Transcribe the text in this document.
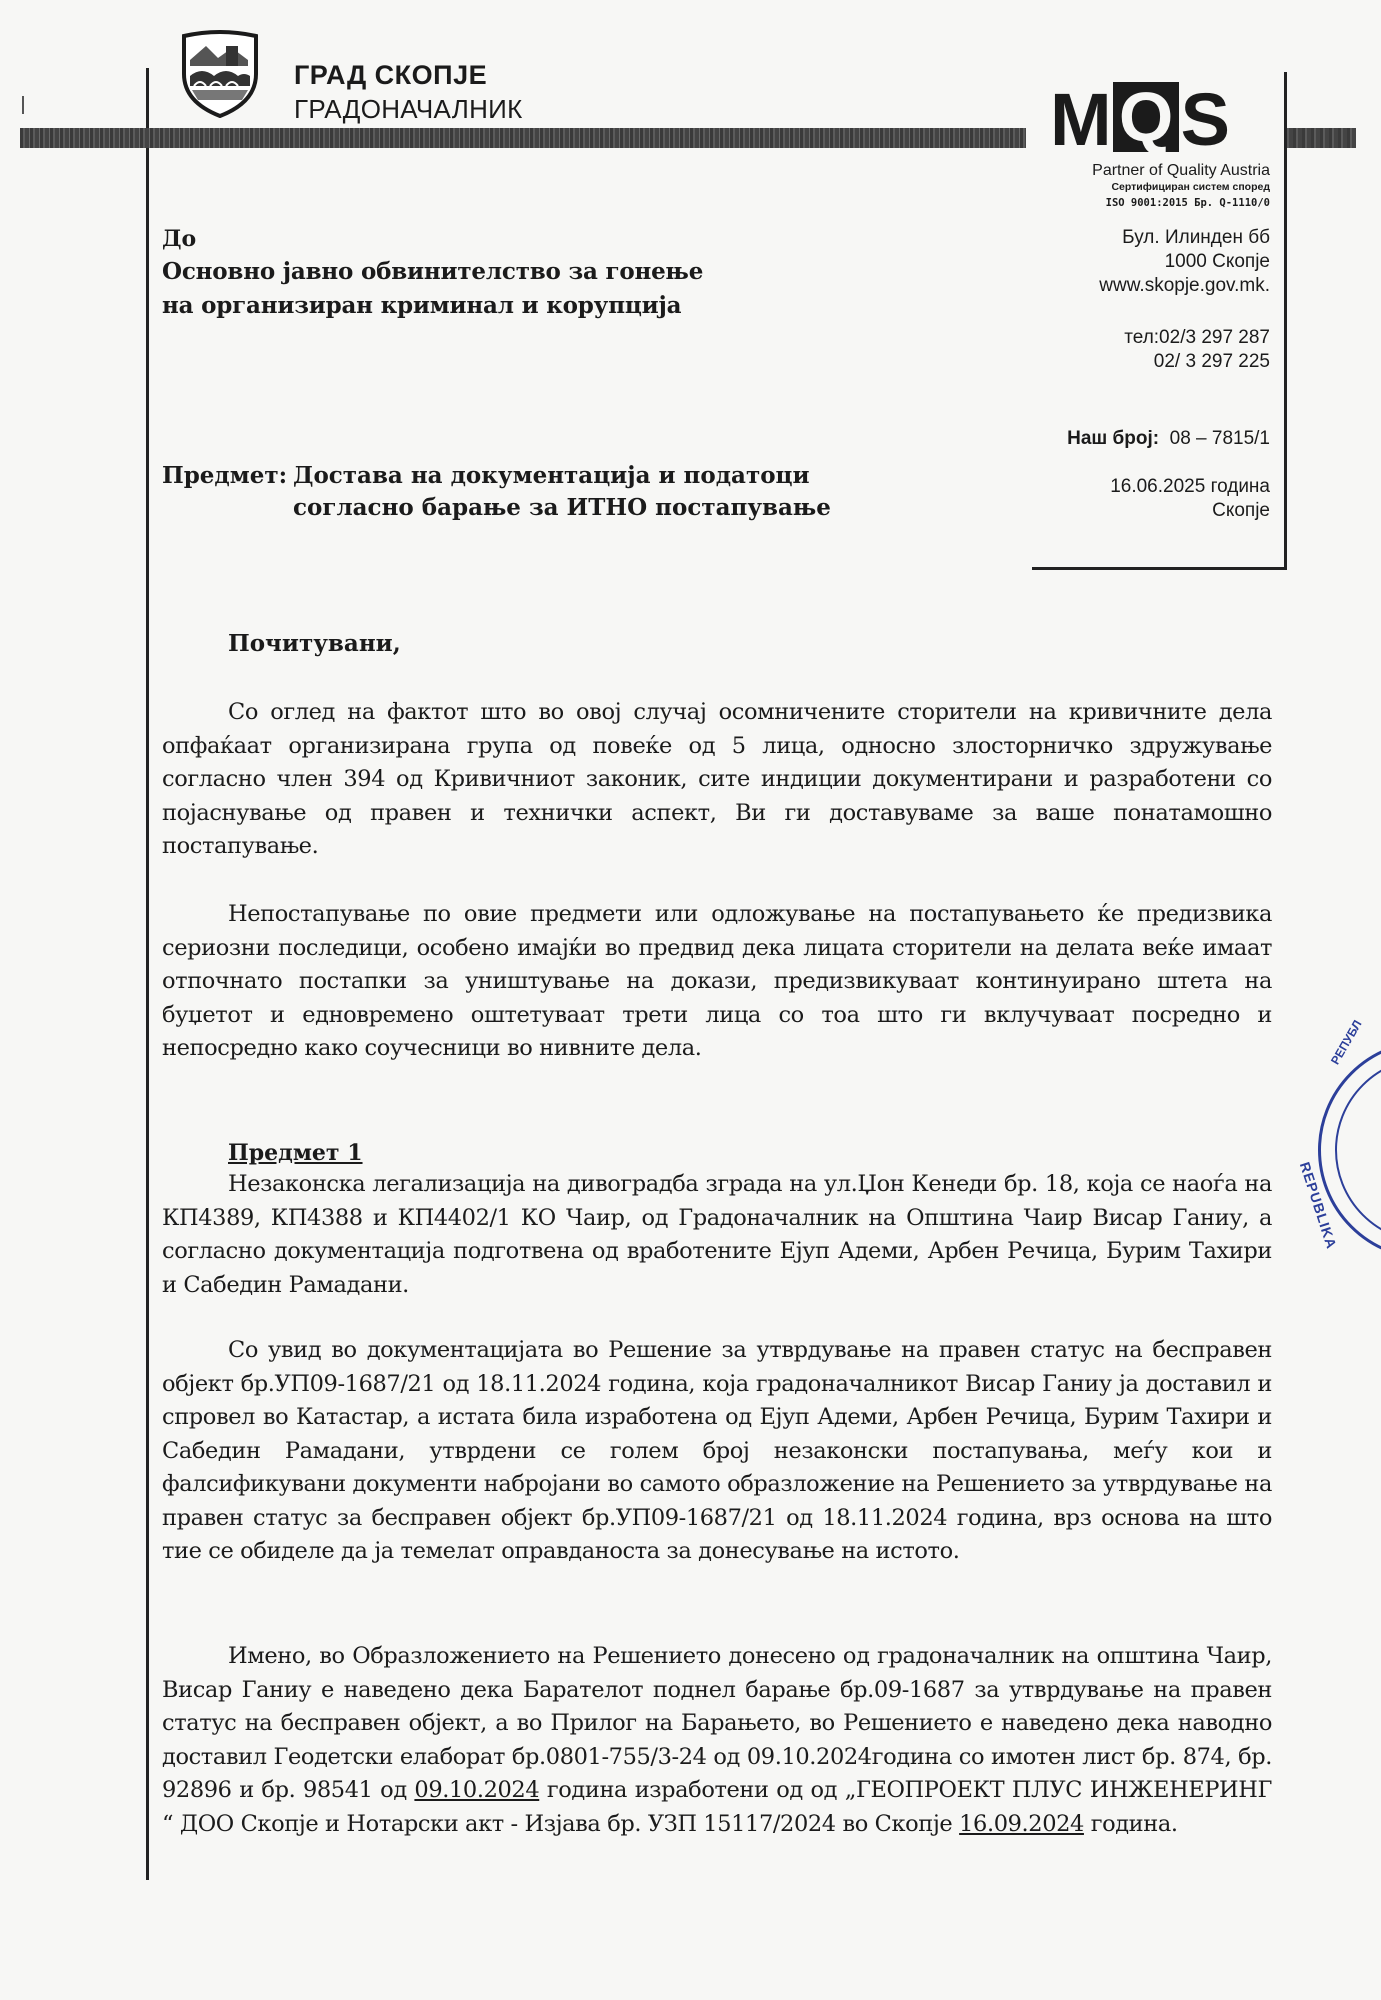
ГРАД СКОПЈЕ
ГРАДОНАЧАЛНИК	M Q S
Partner of Quality Austria
Сертифициран систем според
ISO 9001:2015 Бр. Q-1110/0
Бул. Илинден бб
1000 Скопје
www.skopje.gov.mk.
тел:02/3 297 287
02/ 3 297 225
Наш број: 08 – 7815/1
16.06.2025 година
Скопје
До
Основно јавно обвинителство за гонење
на организиран криминал и корупција
Предмет: Достава на документација и податоци
согласно барање за ИТНО постапување
Почитувани,
Со оглед на фактот што во овој случај осомничените сторители на кривичните дела опфаќаат организирана група од повеќе од 5 лица, односно злосторничко здружување согласно член 394 од Кривичниот законик, сите индиции документирани и разработени со појаснување од правен и технички аспект, Ви ги доставуваме за ваше понатамошно постапување.
Непостапување по овие предмети или одложување на постапувањето ќе предизвика сериозни последици, особено имајќи во предвид дека лицата сторители на делата веќе имаат отпочнато постапки за уништување на докази, предизвикуваат континуирано штета на буџетот и едновремено оштетуваат трети лица со тоа што ги вклучуваат посредно и непосредно како соучесници во нивните дела.
Предмет 1
Незаконска легализација на дивоградба зграда на ул.Џон Кенеди бр. 18, која се наоѓа на КП4389, КП4388 и КП4402/1 КО Чаир, од Градоначалник на Општина Чаир Висар Ганиу, а согласно документација подготвена од вработените Ејуп Адеми, Арбен Речица, Бурим Тахири и Сабедин Рамадани.
Со увид во документацијата во Решение за утврдување на правен статус на бесправен објект бр.УП09-1687/21 од 18.11.2024 година, која градоначалникот Висар Ганиу ја доставил и спровел во Катастар, а истата била изработена од Ејуп Адеми, Арбен Речица, Бурим Тахири и Сабедин Рамадани, утврдени се голем број незаконски постапувања, меѓу кои и фалсификувани документи набројани во самото образложение на Решението за утврдување на правен статус за бесправен објект бр.УП09-1687/21 од 18.11.2024 година, врз основа на што тие се обиделе да ја темелат оправданоста за донесување на истото.
Имено, во Образложението на Решението донесено од градоначалник на општина Чаир, Висар Ганиу е наведено дека Барателот поднел барање бр.09-1687 за утврдување на правен статус на бесправен објект, а во Прилог на Барањето, во Решението е наведено дека наводно доставил Геодетски елаборат бр.0801-755/3-24 од 09.10.2024година со имотен лист бр. 874, бр. 92896 и бр. 98541 од 09.10.2024 година изработени од од „ГЕОПРОЕКТ ПЛУС ИНЖЕНЕРИНГ “ ДОО Скопје и Нотарски акт - Изјава бр. УЗП 15117/2024 во Скопје 16.09.2024 година.
РЕПУБЛ
REPUBLIKA
